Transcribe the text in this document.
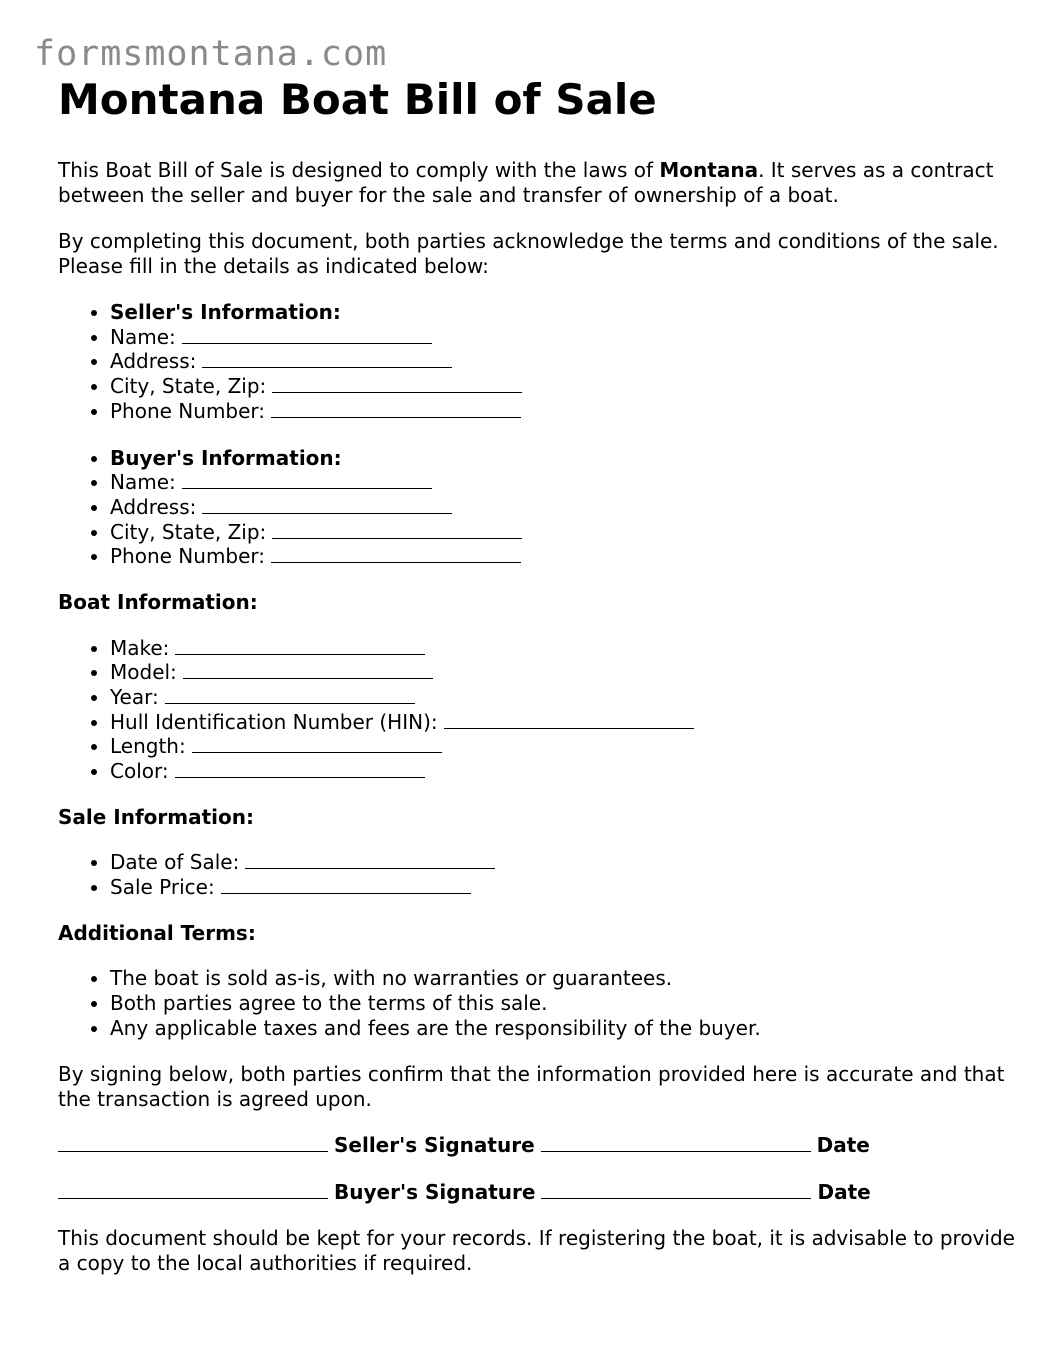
formsmontana.com
Montana Boat Bill of Sale

This Boat Bill of Sale is designed to comply with the laws of Montana. It serves as a contract between the seller and buyer for the sale and transfer of ownership of a boat.

By completing this document, both parties acknowledge the terms and conditions of the sale. Please fill in the details as indicated below:

• Seller's Information:
• Name:
• Address:
• City, State, Zip:
• Phone Number:
• Buyer's Information:
• Name:
• Address:
• City, State, Zip:
• Phone Number:
Boat Information:
• Make:
• Model:
• Year:
• Hull Identification Number (HIN):
• Length:
• Color:
Sale Information:
• Date of Sale:
• Sale Price:
Additional Terms:
• The boat is sold as-is, with no warranties or guarantees.
• Both parties agree to the terms of this sale.
• Any applicable taxes and fees are the responsibility of the buyer.

By signing below, both parties confirm that the information provided here is accurate and that the transaction is agreed upon.

Seller's Signature	Date
Buyer's Signature	Date

This document should be kept for your records. If registering the boat, it is advisable to provide a copy to the local authorities if required.
